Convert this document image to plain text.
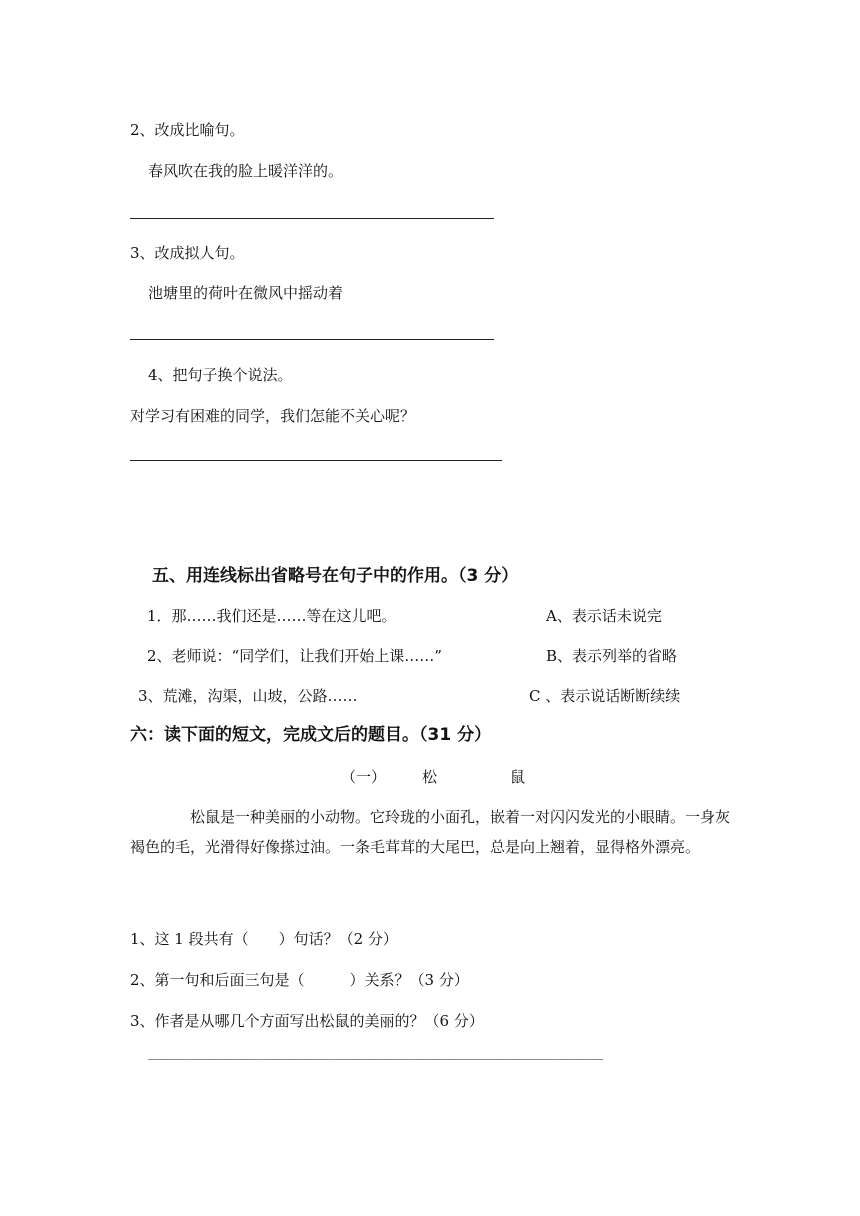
2、改成比喻句。
春风吹在我的脸上暖洋洋的。
3、改成拟人句。
池塘里的荷叶在微风中摇动着
4、把句子换个说法。
对学习有困难的同学，我们怎能不关心呢？
五、用连线标出省略号在句子中的作用。（3 分）
1．那……我们还是……等在这儿吧。
2、老师说：“同学们，让我们开始上课……”
3、荒滩，沟渠，山坡，公路……
A、表示话未说完
B、表示列举的省略
C 、表示说话断断续续
六：读下面的短文，完成文后的题目。（31 分）
（一） 松	鼠
松鼠是一种美丽的小动物。它玲珑的小面孔，嵌着一对闪闪发光的小眼睛。一身灰褐色的毛，光滑得好像搽过油。一条毛茸茸的大尾巴，总是向上翘着，显得格外漂亮。
1、这 1 段共有（　　）句话？（2 分）
2、第一句和后面三句是（　　　）关系？（3 分）
3、作者是从哪几个方面写出松鼠的美丽的？（6 分）
_______________________________________________________________
